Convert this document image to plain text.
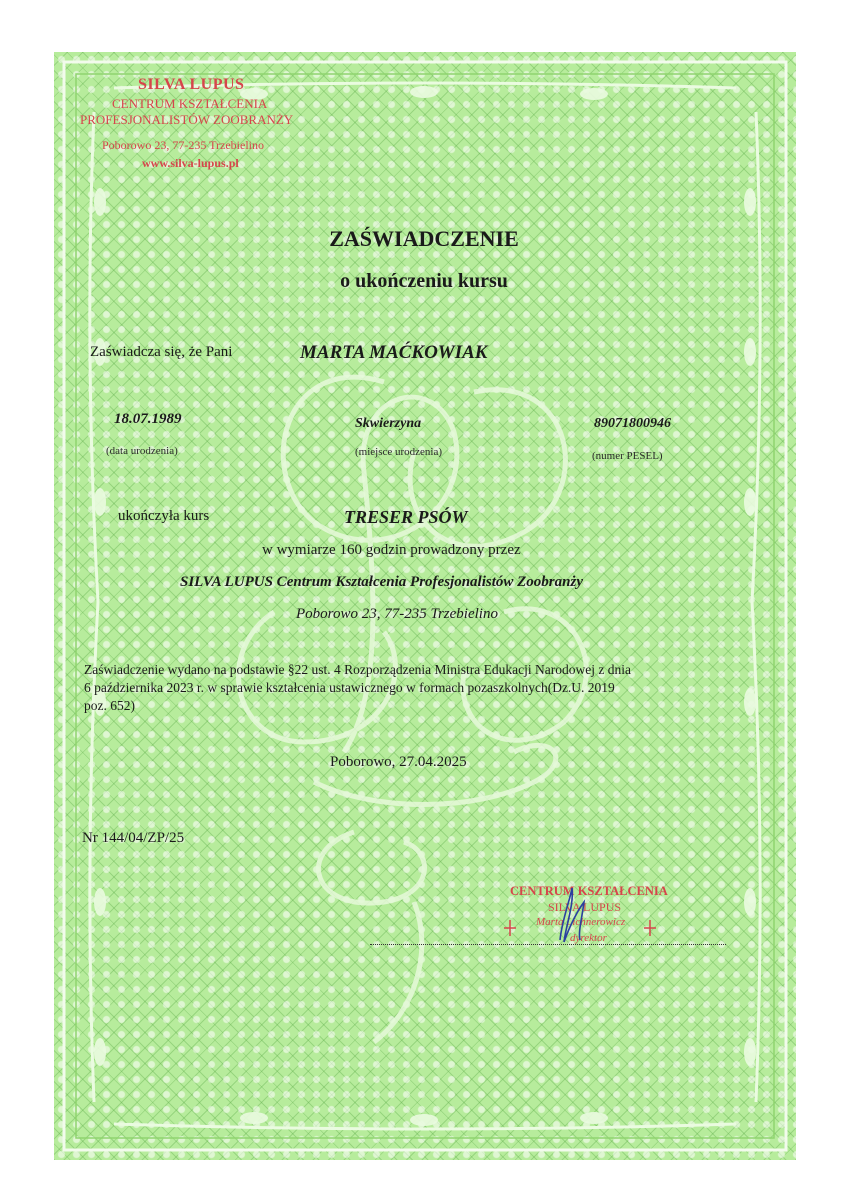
SILVA LUPUS
CENTRUM KSZTAŁCENIA
PROFESJONALISTÓW ZOOBRANŻY
Poborowo 23, 77-235 Trzebielino
www.silva-lupus.pl
ZAŚWIADCZENIE
o ukończeniu kursu
Zaświadcza się, że Pani	MARTA MAĆKOWIAK
18.07.1989
(data urodzenia)
Skwierzyna
(miejsce urodzenia)
89071800946
(numer PESEL)
ukończyła kurs	TRESER PSÓW
w wymiarze 160 godzin prowadzony przez
SILVA LUPUS Centrum Kształcenia Profesjonalistów Zoobranży
Poborowo 23, 77-235 Trzebielino
Zaświadczenie wydano na podstawie §22 ust. 4 Rozporządzenia Ministra Edukacji Narodowej z dnia
6 października 2023 r. w sprawie kształcenia ustawicznego w formach pozaszkolnych(Dz.U. 2019
poz. 652)
Poborowo, 27.04.2025
Nr 144/04/ZP/25
CENTRUM KSZTAŁCENIA
SILVA LUPUS
Marta Lichnerowicz
dyrektor
